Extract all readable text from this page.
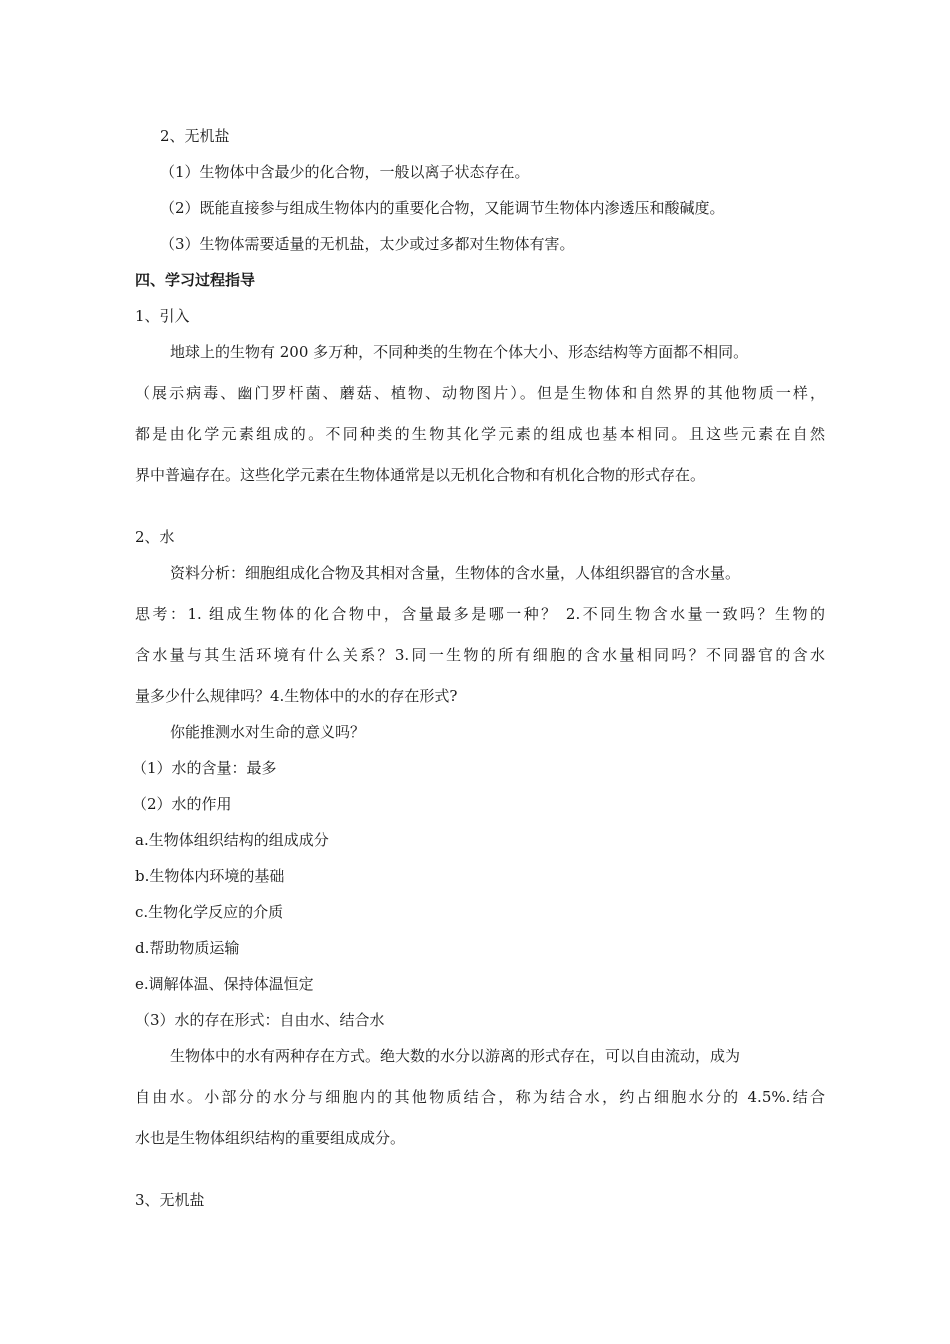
2、无机盐
（1）生物体中含最少的化合物，一般以离子状态存在。
（2）既能直接参与组成生物体内的重要化合物，又能调节生物体内渗透压和酸碱度。
（3）生物体需要适量的无机盐，太少或过多都对生物体有害。
四、学习过程指导
1、引入
地球上的生物有 200 多万种，不同种类的生物在个体大小、形态结构等方面都不相同。
（展示病毒、幽门罗杆菌、蘑菇、植物、动物图片）。但是生物体和自然界的其他物质一样，
都是由化学元素组成的。不同种类的生物其化学元素的组成也基本相同。且这些元素在自然
界中普遍存在。这些化学元素在生物体通常是以无机化合物和有机化合物的形式存在。
2、水
资料分析：细胞组成化合物及其相对含量，生物体的含水量，人体组织器官的含水量。
思考：1. 组成生物体的化合物中，含量最多是哪一种？ 2.不同生物含水量一致吗？生物的
含水量与其生活环境有什么关系？3.同一生物的所有细胞的含水量相同吗？不同器官的含水
量多少什么规律吗？4.生物体中的水的存在形式?
你能推测水对生命的意义吗？
（1）水的含量：最多
（2）水的作用
a.生物体组织结构的组成成分
b.生物体内环境的基础
c.生物化学反应的介质
d.帮助物质运输
e.调解体温、保持体温恒定
（3）水的存在形式：自由水、结合水
生物体中的水有两种存在方式。绝大数的水分以游离的形式存在，可以自由流动，成为
自由水。小部分的水分与细胞内的其他物质结合，称为结合水，约占细胞水分的 4.5%.结合
水也是生物体组织结构的重要组成成分。
3、无机盐
